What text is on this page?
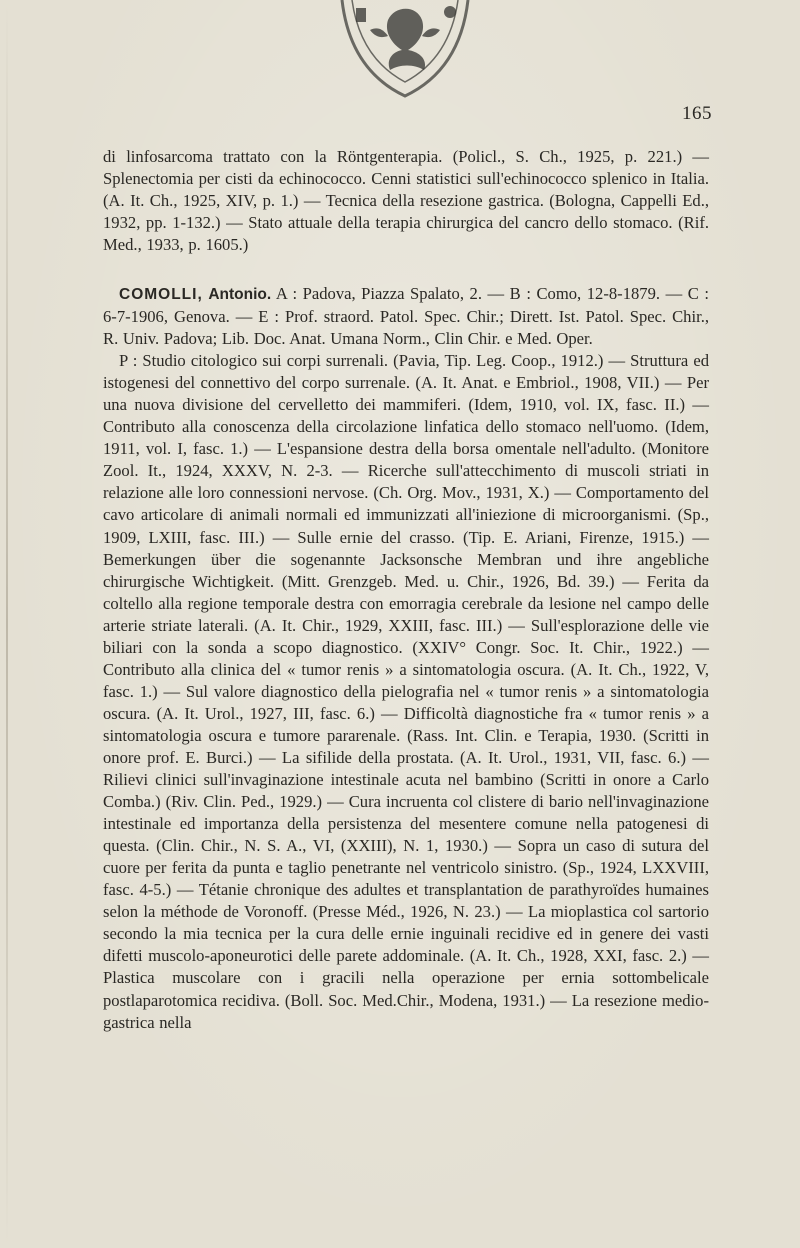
165

di linfosarcoma trattato con la Röntgenterapia. (Policl., S. Ch., 1925, p. 221.) — Splenectomia per cisti da echinococco. Cenni statistici sull'echinococco splenico in Italia. (A. It. Ch., 1925, XIV, p. 1.) — Tecnica della resezione gastrica. (Bologna, Cappelli Ed., 1932, pp. 1-132.) — Stato attuale della terapia chirurgica del cancro dello stomaco. (Rif. Med., 1933, p. 1605.)

COMOLLI, Antonio. A : Padova, Piazza Spalato, 2. — B : Como, 12-8-1879. — C : 6-7-1906, Genova. — E : Prof. straord. Patol. Spec. Chir.; Dirett. Ist. Patol. Spec. Chir., R. Univ. Padova; Lib. Doc. Anat. Umana Norm., Clin Chir. e Med. Oper.

P : Studio citologico sui corpi surrenali. (Pavia, Tip. Leg. Coop., 1912.) — Struttura ed istogenesi del connettivo del corpo surrenale. (A. It. Anat. e Embriol., 1908, VII.) — Per una nuova divisione del cervelletto dei mammiferi. (Idem, 1910, vol. IX, fasc. II.) — Contributo alla conoscenza della circolazione linfatica dello stomaco nell'uomo. (Idem, 1911, vol. I, fasc. 1.) — L'espansione destra della borsa omentale nell'adulto. (Monitore Zool. It., 1924, XXXV, N. 2-3. — Ricerche sull'attecchimento di muscoli striati in relazione alle loro connessioni nervose. (Ch. Org. Mov., 1931, X.) — Comportamento del cavo articolare di animali normali ed immunizzati all'iniezione di microorganismi. (Sp., 1909, LXIII, fasc. III.) — Sulle ernie del crasso. (Tip. E. Ariani, Firenze, 1915.) — Bemerkungen über die sogenannte Jacksonsche Membran und ihre angebliche chirurgische Wichtigkeit. (Mitt. Grenzgeb. Med. u. Chir., 1926, Bd. 39.) — Ferita da coltello alla regione temporale destra con emorragia cerebrale da lesione nel campo delle arterie striate laterali. (A. It. Chir., 1929, XXIII, fasc. III.) — Sull'esplorazione delle vie biliari con la sonda a scopo diagnostico. (XXIV° Congr. Soc. It. Chir., 1922.) — Contributo alla clinica del « tumor renis » a sintomatologia oscura. (A. It. Ch., 1922, V, fasc. 1.) — Sul valore diagnostico della pielografia nel « tumor renis » a sintomatologia oscura. (A. It. Urol., 1927, III, fasc. 6.) — Difficoltà diagnostiche fra « tumor renis » a sintomatologia oscura e tumore pararenale. (Rass. Int. Clin. e Terapia, 1930. (Scritti in onore prof. E. Burci.) — La sifilide della prostata. (A. It. Urol., 1931, VII, fasc. 6.) — Rilievi clinici sull'invaginazione intestinale acuta nel bambino (Scritti in onore a Carlo Comba.) (Riv. Clin. Ped., 1929.) — Cura incruenta col clistere di bario nell'invaginazione intestinale ed importanza della persistenza del mesentere comune nella patogenesi di questa. (Clin. Chir., N. S. A., VI, (XXIII), N. 1, 1930.) — Sopra un caso di sutura del cuore per ferita da punta e taglio penetrante nel ventricolo sinistro. (Sp., 1924, LXXVIII, fasc. 4-5.) — Tétanie chronique des adultes et transplantation de parathyroïdes humaines selon la méthode de Voronoff. (Presse Méd., 1926, N. 23.) — La mioplastica col sartorio secondo la mia tecnica per la cura delle ernie inguinali recidive ed in genere dei vasti difetti muscolo-aponeurotici delle parete addominale. (A. It. Ch., 1928, XXI, fasc. 2.) — Plastica muscolare con i gracili nella operazione per ernia sottombelicale postlaparotomica recidiva. (Boll. Soc. Med.Chir., Modena, 1931.) — La resezione medio-gastrica nella
